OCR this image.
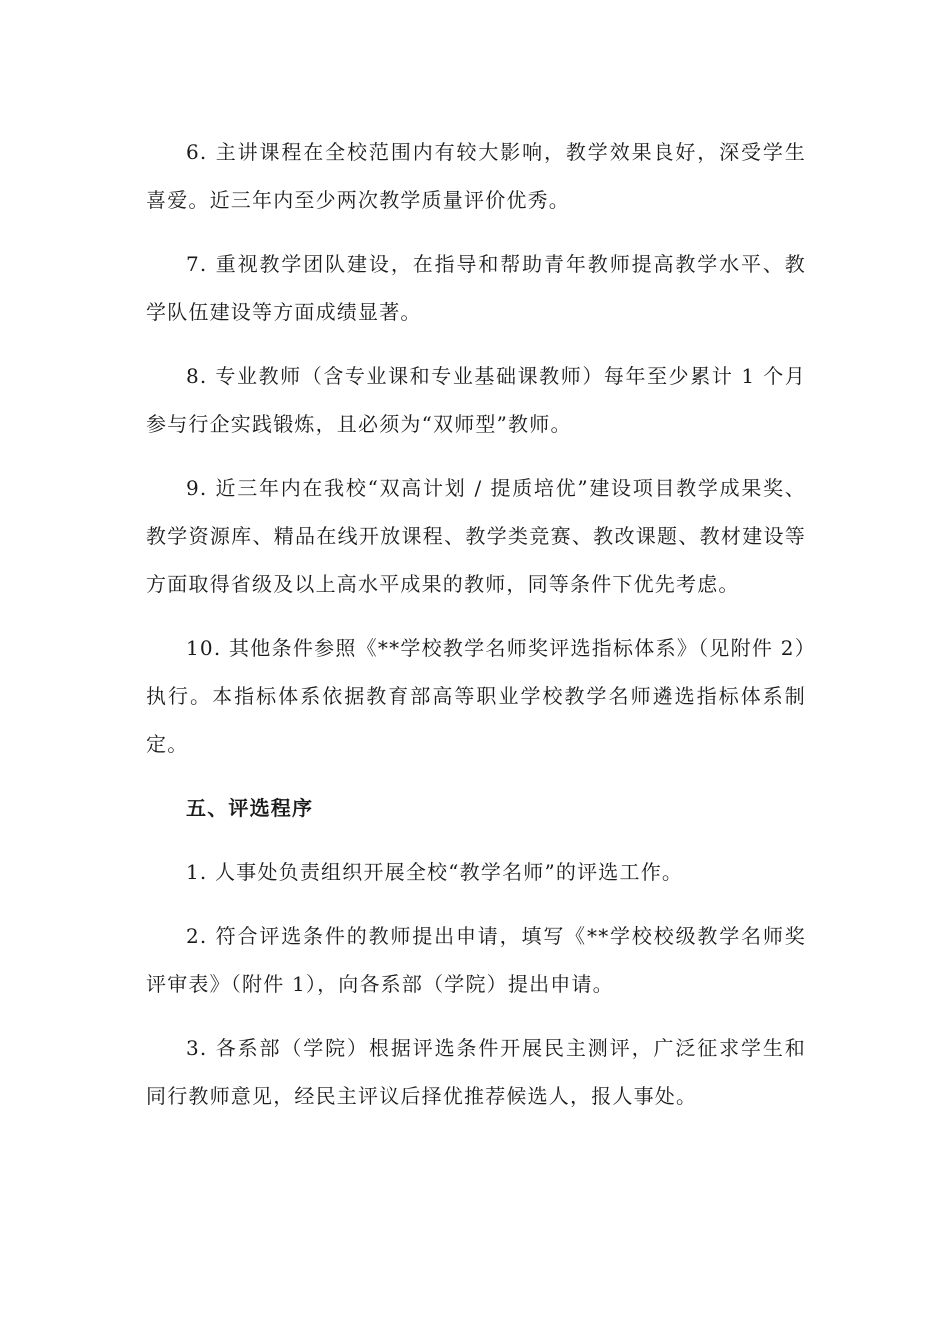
6. 主讲课程在全校范围内有较大影响，教学效果良好，深受学生喜爱。近三年内至少两次教学质量评价优秀。

7. 重视教学团队建设，在指导和帮助青年教师提高教学水平、教学队伍建设等方面成绩显著。

8. 专业教师（含专业课和专业基础课教师）每年至少累计 1 个月参与行企实践锻炼，且必须为“双师型”教师。

9. 近三年内在我校“双高计划 / 提质培优”建设项目教学成果奖、教学资源库、精品在线开放课程、教学类竞赛、教改课题、教材建设等方面取得省级及以上高水平成果的教师，同等条件下优先考虑。

10. 其他条件参照《**学校教学名师奖评选指标体系》（见附件 2）执行。本指标体系依据教育部高等职业学校教学名师遴选指标体系制定。

五、评选程序

1. 人事处负责组织开展全校“教学名师”的评选工作。

2. 符合评选条件的教师提出申请，填写《**学校校级教学名师奖评审表》（附件 1），向各系部（学院）提出申请。

3. 各系部（学院）根据评选条件开展民主测评，广泛征求学生和同行教师意见，经民主评议后择优推荐候选人，报人事处。
